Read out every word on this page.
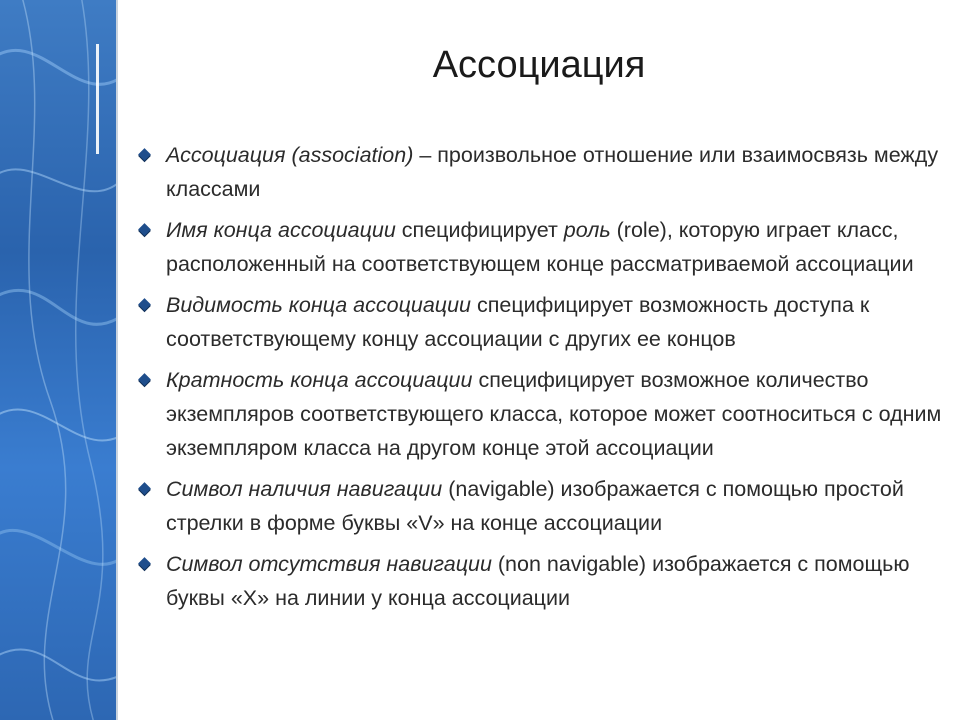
Ассоциация
Ассоциация (association) – произвольное отношение или взаимосвязь между классами
Имя конца ассоциации специфицирует роль (role), которую играет класс, расположенный на соответствующем конце рассматриваемой ассоциации
Видимость конца ассоциации специфицирует возможность доступа к соответствующему концу ассоциации с других ее концов
Кратность конца ассоциации специфицирует возможное количество экземпляров соответствующего класса, которое может соотноситься с одним экземпляром класса на другом конце этой ассоциации
Символ наличия навигации (navigable) изображается с помощью простой стрелки в форме буквы «V» на конце ассоциации
Символ отсутствия навигации (non navigable) изображается с помощью буквы «X» на линии у конца ассоциации
